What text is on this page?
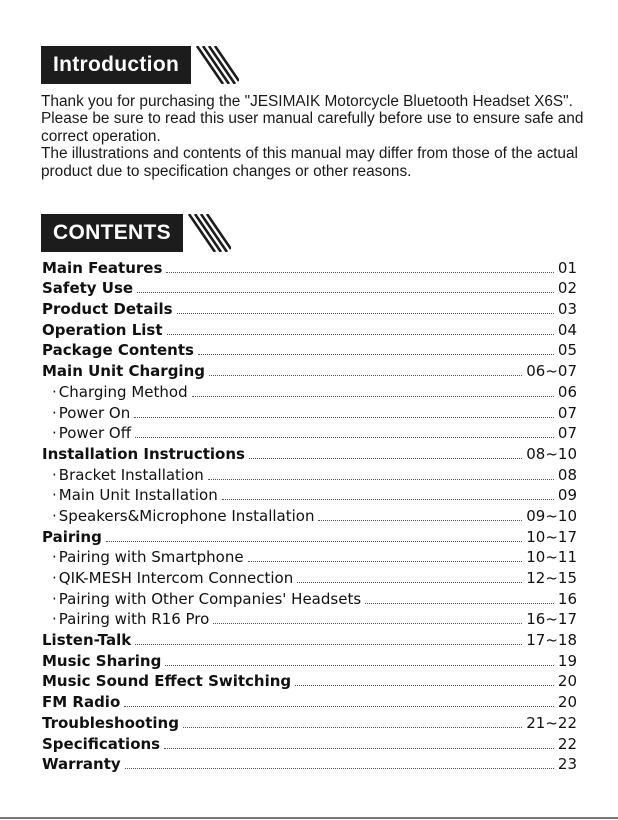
Introduction

Thank you for purchasing the "JESIMAIK Motorcycle Bluetooth Headset X6S".

Please be sure to read this user manual carefully before use to ensure safe and correct operation.

The illustrations and contents of this manual may differ from those of the actual product due to specification changes or other reasons.

CONTENTS
Main Features	01
Safety Use	02
Product Details	03
Operation List	04
Package Contents	05
Main Unit Charging	06~07
· Charging Method	06
· Power On	07
· Power Off	07
Installation Instructions	08~10
· Bracket Installation	08
· Main Unit Installation	09
· Speakers&Microphone Installation	09~10
Pairing	10~17
· Pairing with Smartphone	10~11
· QIK-MESH Intercom Connection	12~15
· Pairing with Other Companies' Headsets	16
· Pairing with R16 Pro	16~17
Listen-Talk	17~18
Music Sharing	19
Music Sound Effect Switching	20
FM Radio	20
Troubleshooting	21~22
Specifications	22
Warranty	23
